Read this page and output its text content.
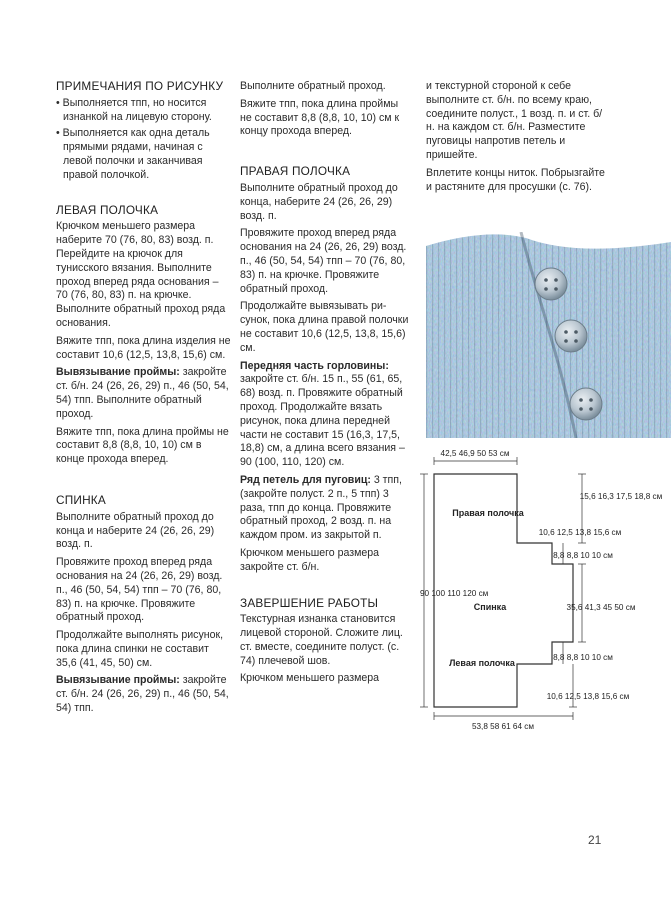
ПРИМЕЧАНИЯ ПО РИСУНКУ

• Выполняется тпп, но носится изнанкой на лицевую сторону.

• Выполняется как одна деталь прямыми рядами, начиная с левой полочки и заканчивая правой полочкой.

ЛЕВАЯ ПОЛОЧКА

Крючком меньшего размера наберите 70 (76, 80, 83) возд. п. Перейдите на крючок для тунисского вязания. Выполните проход вперед ряда основания – 70 (76, 80, 83) п. на крючке. Выполните обратный проход ряда основания.

Вяжите тпп, пока длина изделия не составит 10,6 (12,5, 13,8, 15,6) см.

Вывязывание проймы: закройте ст. б/н. 24 (26, 26, 29) п., 46 (50, 54, 54) тпп. Выполните обратный проход.

Вяжите тпп, пока длина проймы не составит 8,8 (8,8, 10, 10) см в конце прохода вперед.

СПИНКА

Выполните обратный проход до конца и наберите 24 (26, 26, 29) возд. п.

Провяжите проход вперед ряда основания на 24 (26, 26, 29) возд. п., 46 (50, 54, 54) тпп – 70 (76, 80, 83) п. на крючке. Провяжите обратный проход.

Продолжайте выполнять рисунок, пока длина спинки не составит 35,6 (41, 45, 50) см.

Вывязывание проймы: закройте ст. б/н. 24 (26, 26, 29) п., 46 (50, 54, 54) тпп.

Выполните обратный проход.

Вяжите тпп, пока длина проймы не составит 8,8 (8,8, 10, 10) см к концу прохода вперед.

ПРАВАЯ ПОЛОЧКА

Выполните обратный проход до конца, наберите 24 (26, 26, 29) возд. п.

Провяжите проход вперед ряда основания на 24 (26, 26, 29) возд. п., 46 (50, 54, 54) тпп – 70 (76, 80, 83) п. на крючке. Провяжите обратный проход.

Продолжайте вывязывать рисунок, пока длина правой полочки не составит 10,6 (12,5, 13,8, 15,6) см.

Передняя часть горловины: закройте ст. б/н. 15 п., 55 (61, 65, 68) возд. п. Провяжите обратный проход. Продолжайте вязать рисунок, пока длина передней части не составит 15 (16,3, 17,5, 18,8) см, а длина всего вязания – 90 (100, 110, 120) см.

Ряд петель для пуговиц: 3 тпп, (закройте полуст. 2 п., 5 тпп) 3 раза, тпп до конца. Провяжите обратный проход, 2 возд. п. на каждом пром. из закрытой п.

Крючком меньшего размера закройте ст. б/н.

ЗАВЕРШЕНИЕ РАБОТЫ

Текстурная изнанка становится лицевой стороной. Сложите лиц. ст. вместе, соедините полуст. (с. 74) плечевой шов.

Крючком меньшего размера

и текстурной стороной к себе выполните ст. б/н. по всему краю, соедините полуст., 1 возд. п. и ст. б/н. на каждом ст. б/н. Разместите пуговицы напротив петель и пришейте.

Вплетите концы ниток. Побрызгайте и растяните для просушки (с. 76).

42,5 46,9 50 53 см
53,8 58 61 64 см
90 100 110 120 см
15,6 16,3 17,5 18,8 см
10,6 12,5 13,8 15,6 см
8,8 8,8 10 10 см
35,6 41,3 45 50 см
8,8 8,8 10 10 см
10,6 12,5 13,8 15,6 см
Правая полочка
Спинка
Левая полочка
21
